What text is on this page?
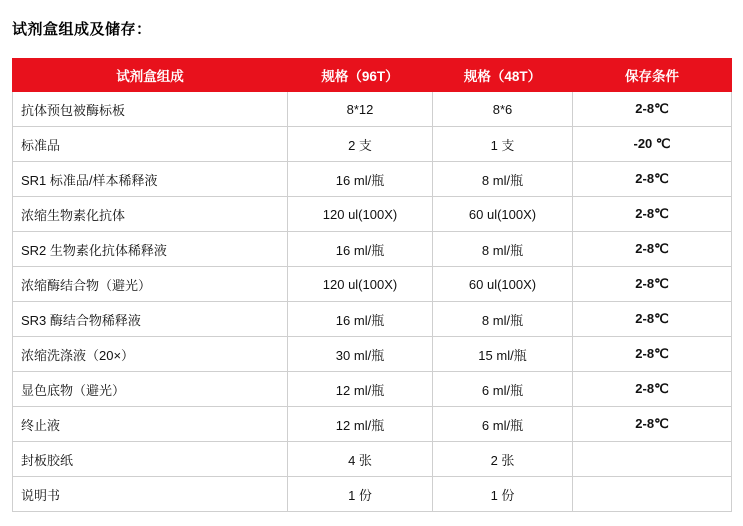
试剂盒组成及储存：
试剂盒组成	规格（96T）	规格（48T）	保存条件
抗体预包被酶标板	8*12	8*6	2-8℃
标准品	2 支	1 支	-20 ℃
SR1 标准品/样本稀释液	16 ml/瓶	8 ml/瓶	2-8℃
浓缩生物素化抗体	120 ul(100X)	60 ul(100X)	2-8℃
SR2 生物素化抗体稀释液	16 ml/瓶	8 ml/瓶	2-8℃
浓缩酶结合物（避光）	120 ul(100X)	60 ul(100X)	2-8℃
SR3 酶结合物稀释液	16 ml/瓶	8 ml/瓶	2-8℃
浓缩洗涤液（20×）	30 ml/瓶	15 ml/瓶	2-8℃
显色底物（避光）	12 ml/瓶	6 ml/瓶	2-8℃
终止液	12 ml/瓶	6 ml/瓶	2-8℃
封板胶纸	4 张	2 张	
说明书	1 份	1 份	
